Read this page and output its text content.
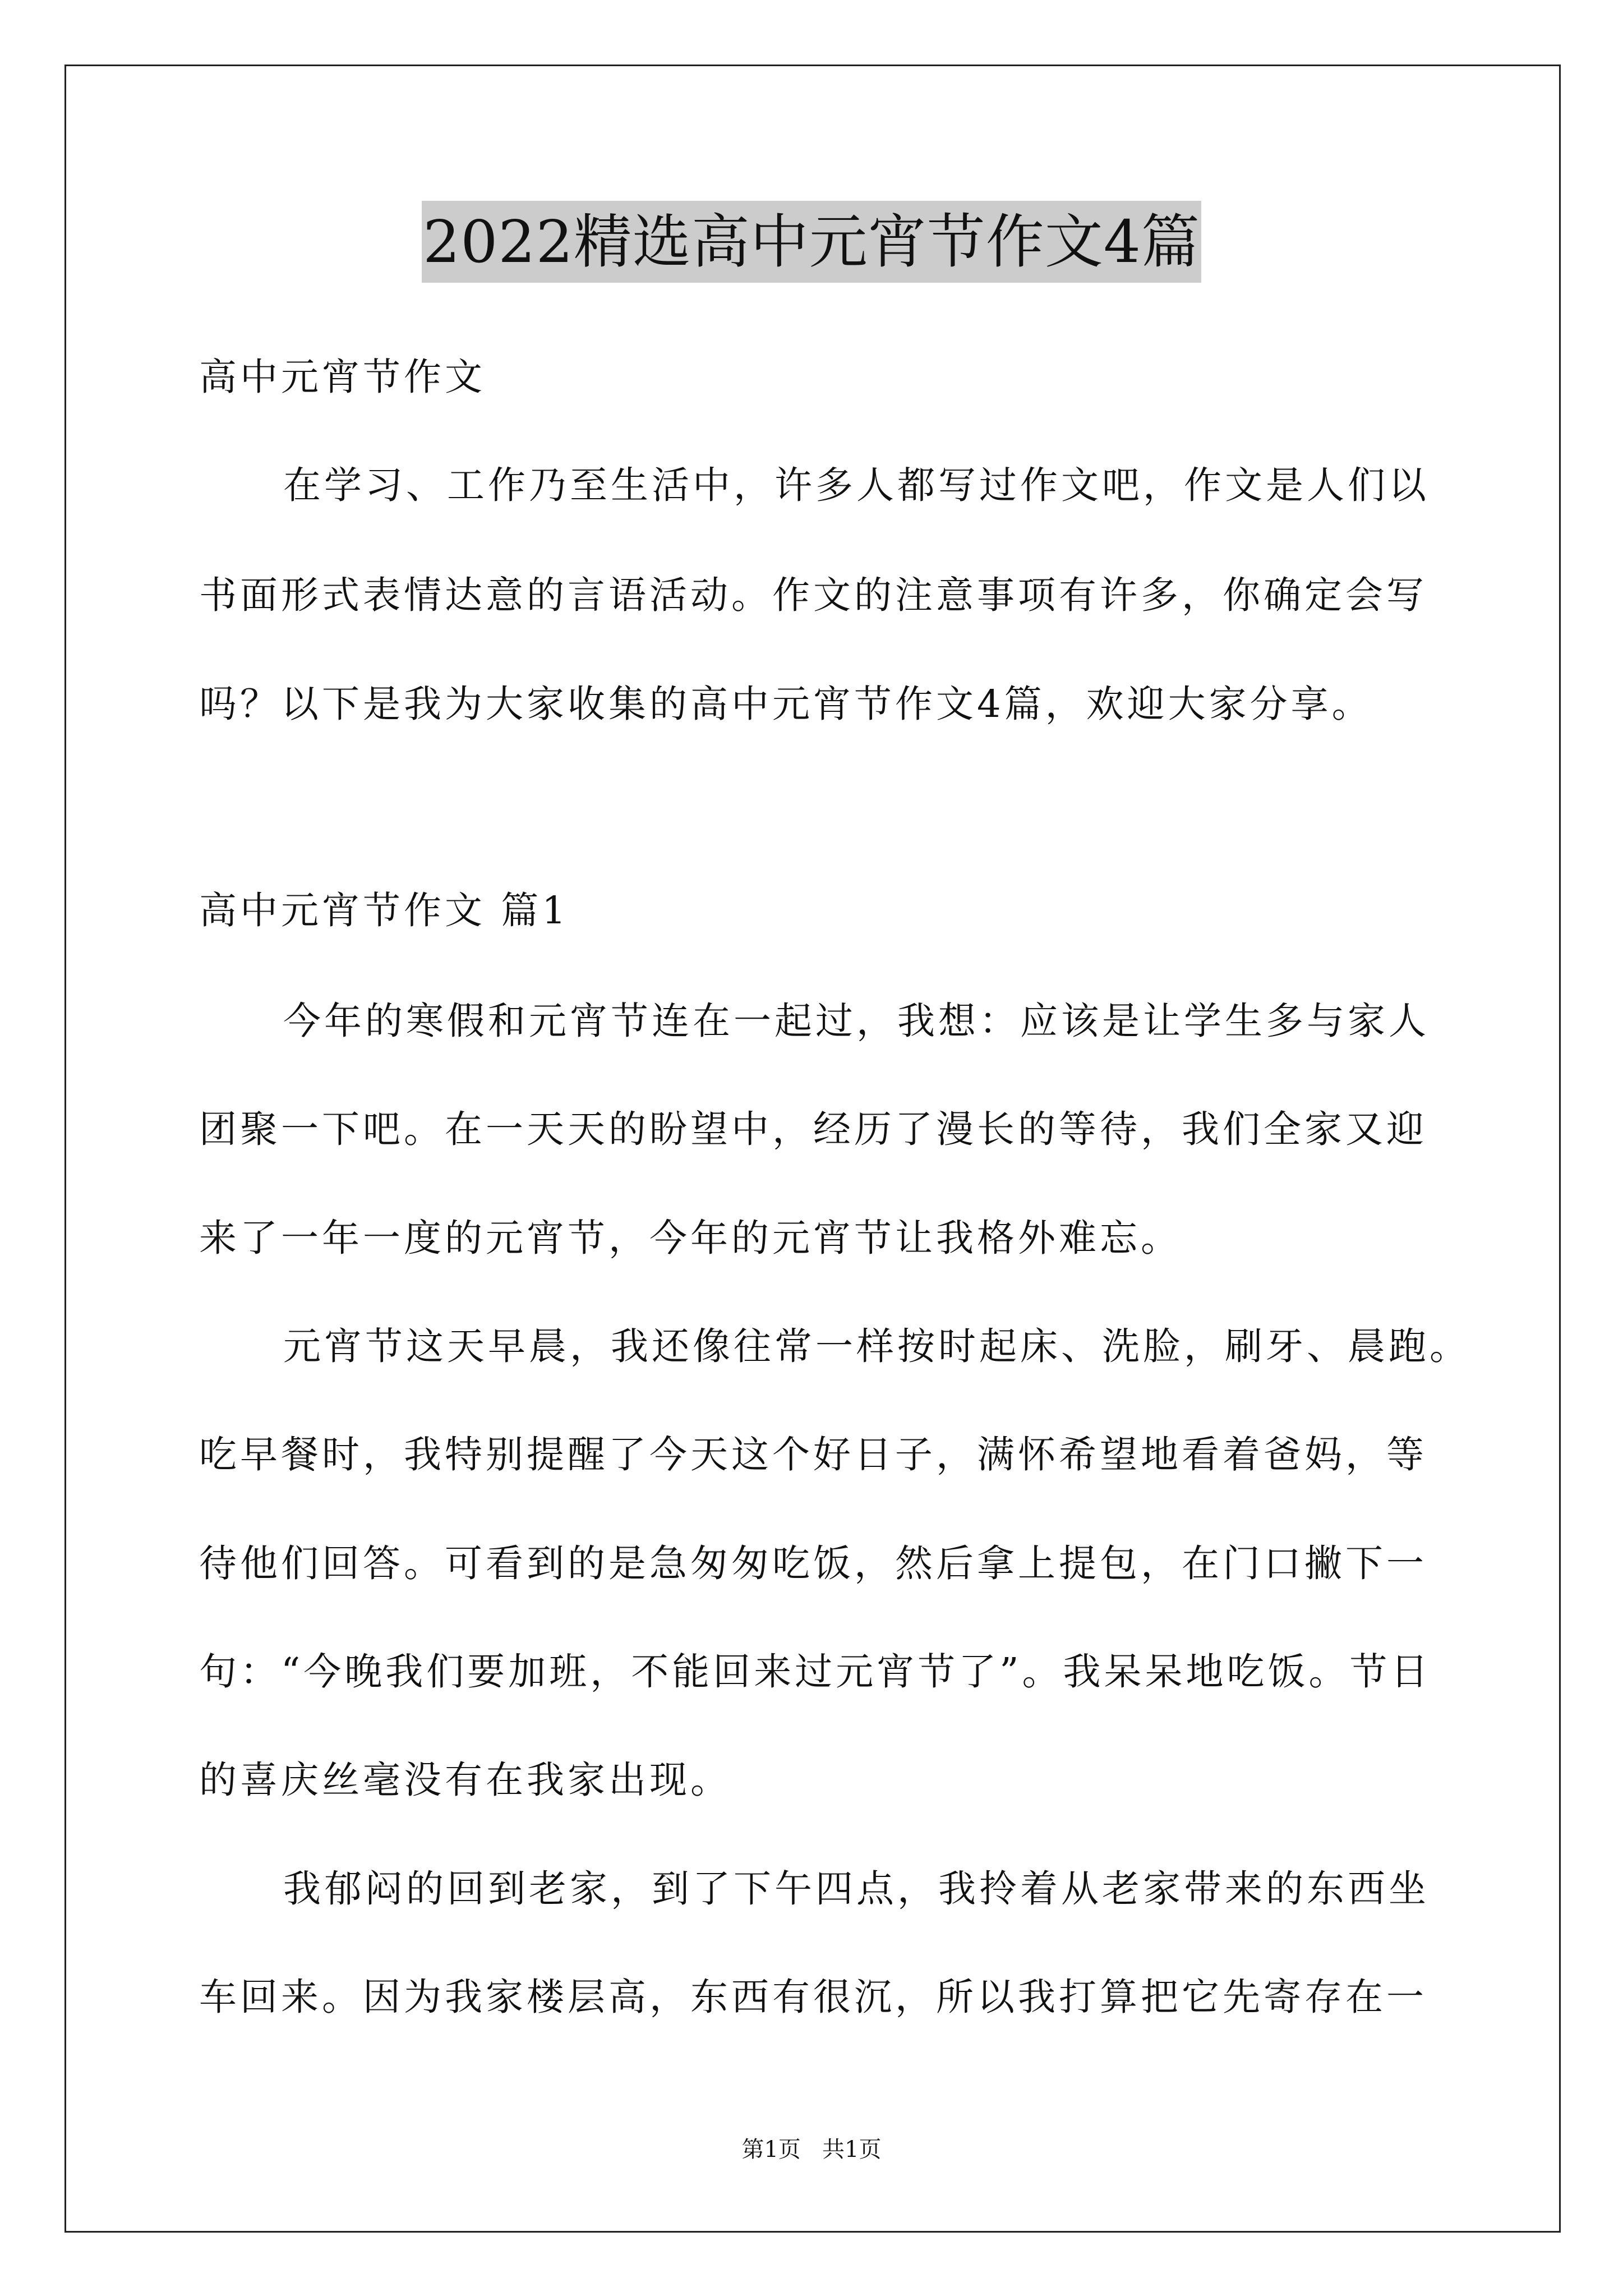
2022精选高中元宵节作文4篇
高中元宵节作文
在学习、工作乃至生活中，许多人都写过作文吧，作文是人们以
书面形式表情达意的言语活动。作文的注意事项有许多，你确定会写
吗？以下是我为大家收集的高中元宵节作文4篇，欢迎大家分享。
高中元宵节作文 篇1
今年的寒假和元宵节连在一起过，我想：应该是让学生多与家人
团聚一下吧。在一天天的盼望中，经历了漫长的等待，我们全家又迎
来了一年一度的元宵节，今年的元宵节让我格外难忘。
元宵节这天早晨，我还像往常一样按时起床、洗脸，刷牙、晨跑。
吃早餐时，我特别提醒了今天这个好日子，满怀希望地看着爸妈，等
待他们回答。可看到的是急匆匆吃饭，然后拿上提包，在门口撇下一
句：“今晚我们要加班，不能回来过元宵节了”。我呆呆地吃饭。节日
的喜庆丝毫没有在我家出现。
我郁闷的回到老家，到了下午四点，我拎着从老家带来的东西坐
车回来。因为我家楼层高，东西有很沉，所以我打算把它先寄存在一
第1页   共1页
